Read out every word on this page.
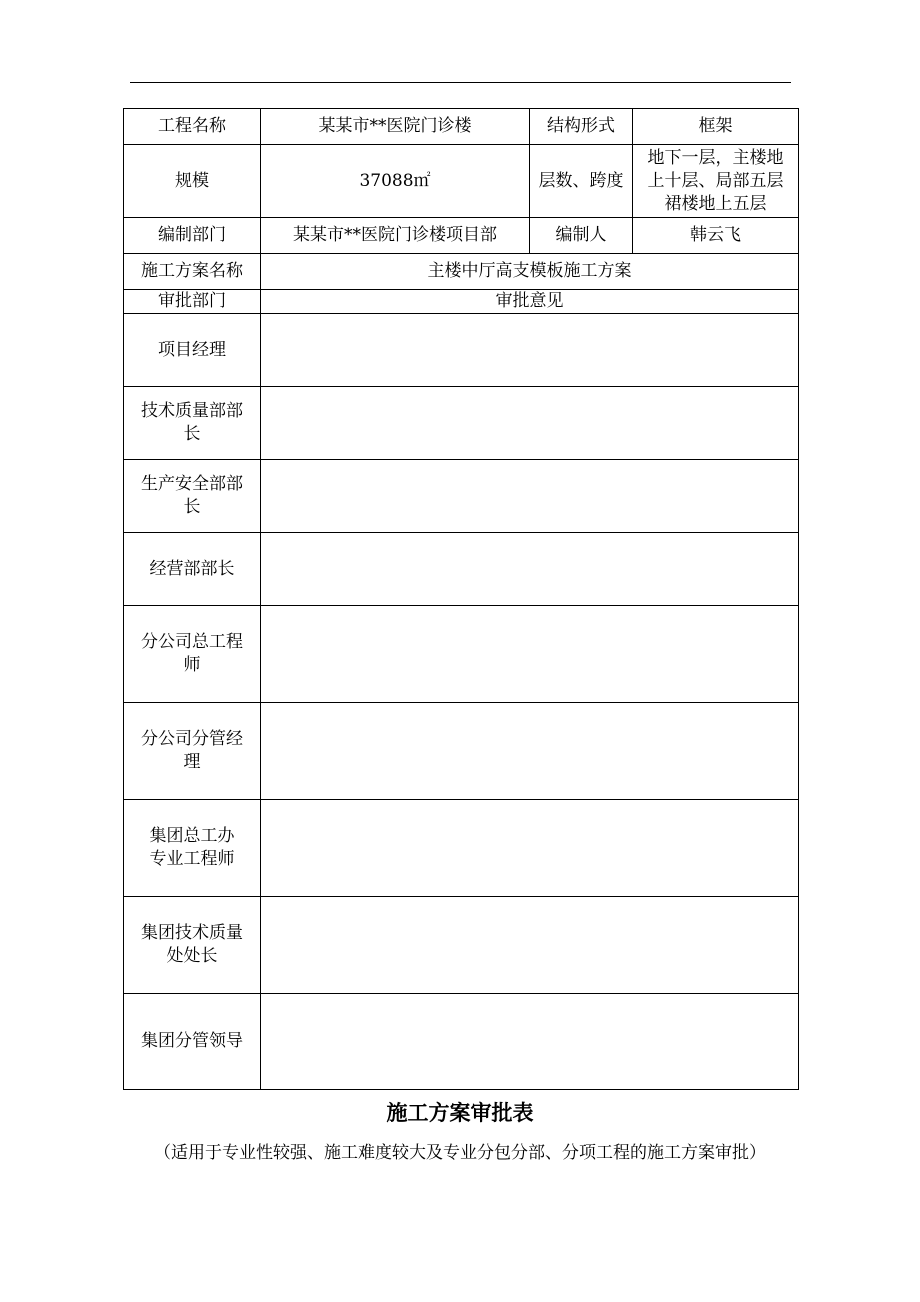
工程名称	某某市**医院门诊楼	结构形式	框架
规模	37088㎡	层数、跨度	地下一层，主楼地
上十层、局部五层
裙楼地上五层

编制部门	某某市**医院门诊楼项目部	编制人	韩云飞
施工方案名称	主楼中厅高支模板施工方案		
审批部门	审批意见		

项目经理			

技术质量部部
长			

生产安全部部
长			

经营部部长			

分公司总工程
师			

分公司分管经
理			

集团总工办
专业工程师			

集团技术质量
处处长			

集团分管领导			

施工方案审批表
（适用于专业性较强、施工难度较大及专业分包分部、分项工程的施工方案审批）
